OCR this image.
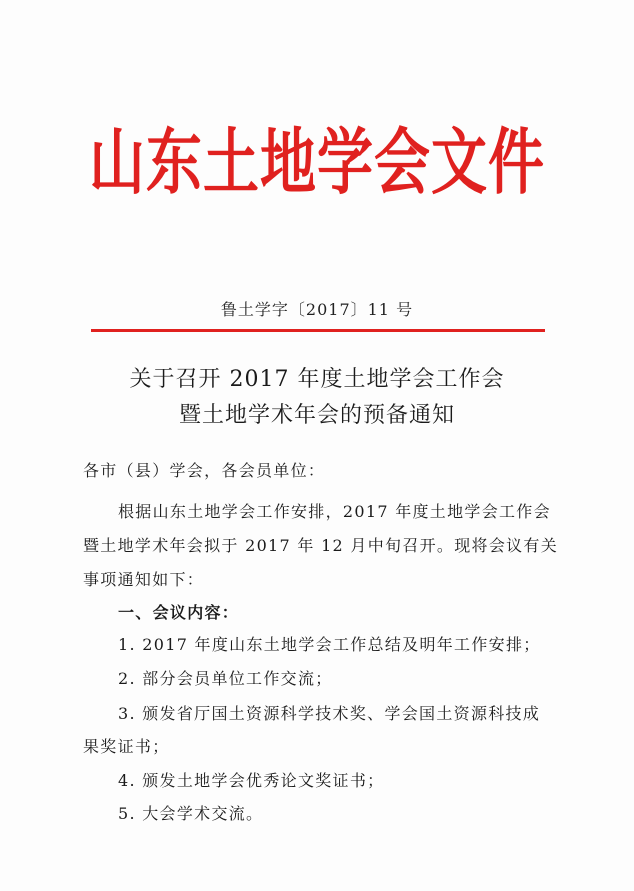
山东土地学会文件
鲁土学字〔2017〕11 号
关于召开 2017 年度土地学会工作会
暨土地学术年会的预备通知
各市（县）学会，各会员单位：
根据山东土地学会工作安排，2017 年度土地学会工作会
暨土地学术年会拟于 2017 年 12 月中旬召开。现将会议有关
事项通知如下：
一、会议内容：
1. 2017 年度山东土地学会工作总结及明年工作安排；
2. 部分会员单位工作交流；
3. 颁发省厅国土资源科学技术奖、学会国土资源科技成
果奖证书；
4. 颁发土地学会优秀论文奖证书；
5. 大会学术交流。
